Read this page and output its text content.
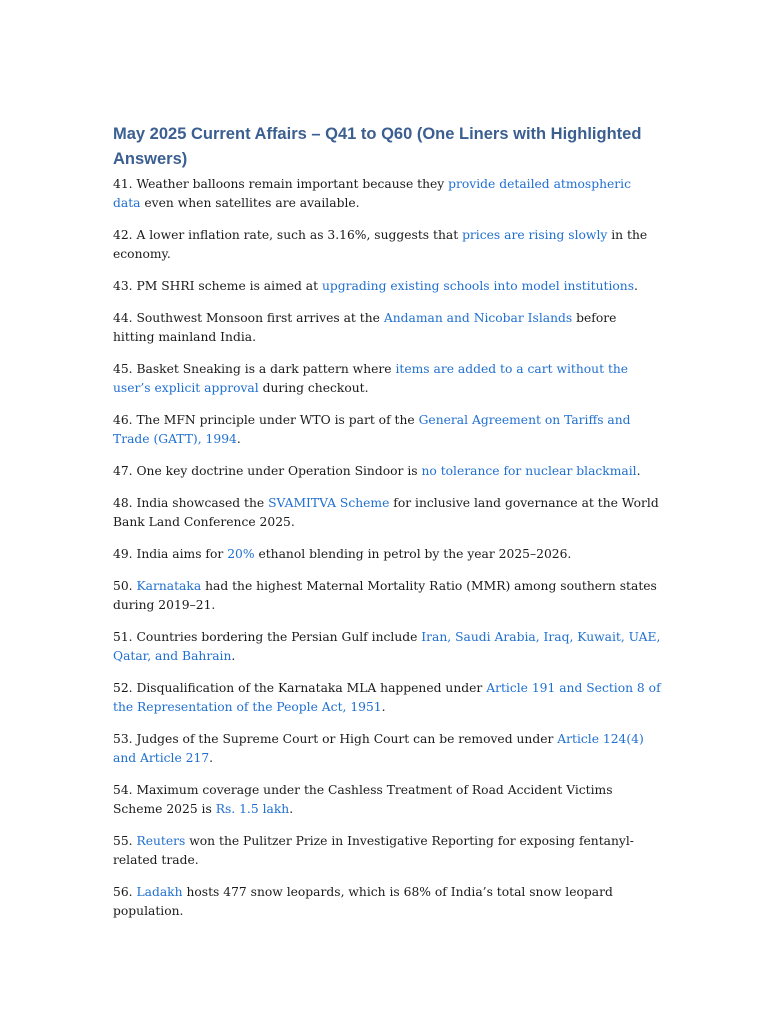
May 2025 Current Affairs – Q41 to Q60 (One Liners with Highlighted Answers)

41. Weather balloons remain important because they provide detailed atmospheric data even when satellites are available.

42. A lower inflation rate, such as 3.16%, suggests that prices are rising slowly in the economy.

43. PM SHRI scheme is aimed at upgrading existing schools into model institutions.

44. Southwest Monsoon first arrives at the Andaman and Nicobar Islands before hitting mainland India.

45. Basket Sneaking is a dark pattern where items are added to a cart without the user’s explicit approval during checkout.

46. The MFN principle under WTO is part of the General Agreement on Tariffs and Trade (GATT), 1994.

47. One key doctrine under Operation Sindoor is no tolerance for nuclear blackmail.

48. India showcased the SVAMITVA Scheme for inclusive land governance at the World Bank Land Conference 2025.

49. India aims for 20% ethanol blending in petrol by the year 2025–2026.

50. Karnataka had the highest Maternal Mortality Ratio (MMR) among southern states during 2019–21.

51. Countries bordering the Persian Gulf include Iran, Saudi Arabia, Iraq, Kuwait, UAE, Qatar, and Bahrain.

52. Disqualification of the Karnataka MLA happened under Article 191 and Section 8 of the Representation of the People Act, 1951.

53. Judges of the Supreme Court or High Court can be removed under Article 124(4) and Article 217.

54. Maximum coverage under the Cashless Treatment of Road Accident Victims Scheme 2025 is Rs. 1.5 lakh.

55. Reuters won the Pulitzer Prize in Investigative Reporting for exposing fentanyl-related trade.

56. Ladakh hosts 477 snow leopards, which is 68% of India’s total snow leopard population.
